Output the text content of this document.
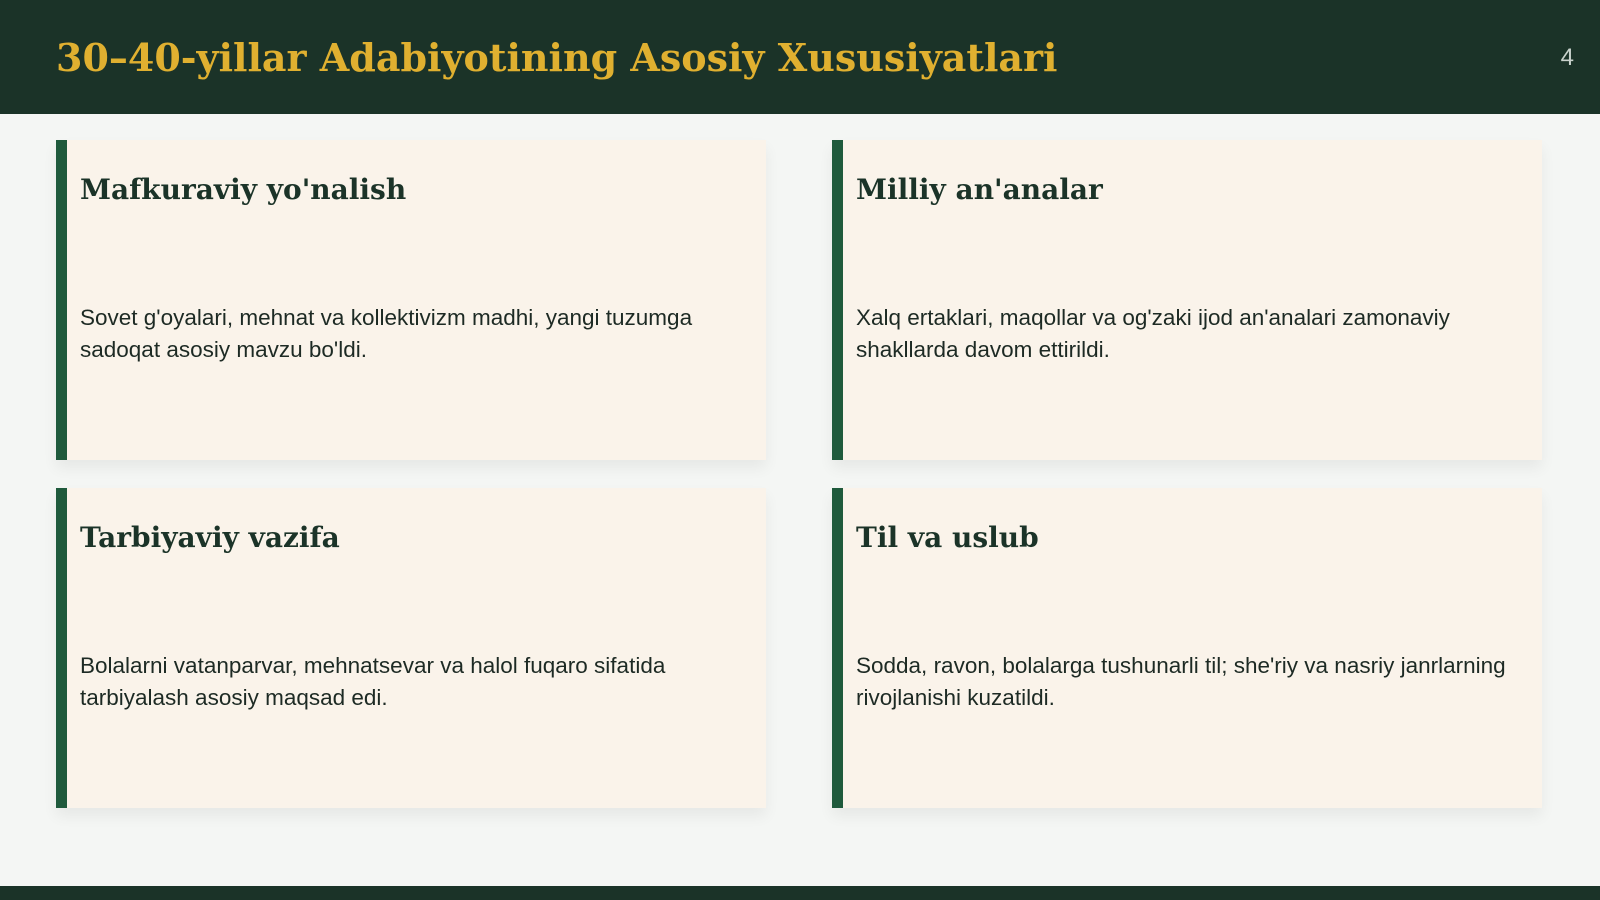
30–40-yillar Adabiyotining Asosiy Xususiyatlari	4
Mafkuraviy yo'nalish

Sovet g'oyalari, mehnat va kollektivizm madhi, yangi tuzumga sadoqat asosiy mavzu bo'ldi.

Milliy an'analar

Xalq ertaklari, maqollar va og'zaki ijod an'analari zamonaviy shakllarda davom ettirildi.

Tarbiyaviy vazifa

Bolalarni vatanparvar, mehnatsevar va halol fuqaro sifatida tarbiyalash asosiy maqsad edi.

Til va uslub

Sodda, ravon, bolalarga tushunarli til; she'riy va nasriy janrlarning rivojlanishi kuzatildi.
